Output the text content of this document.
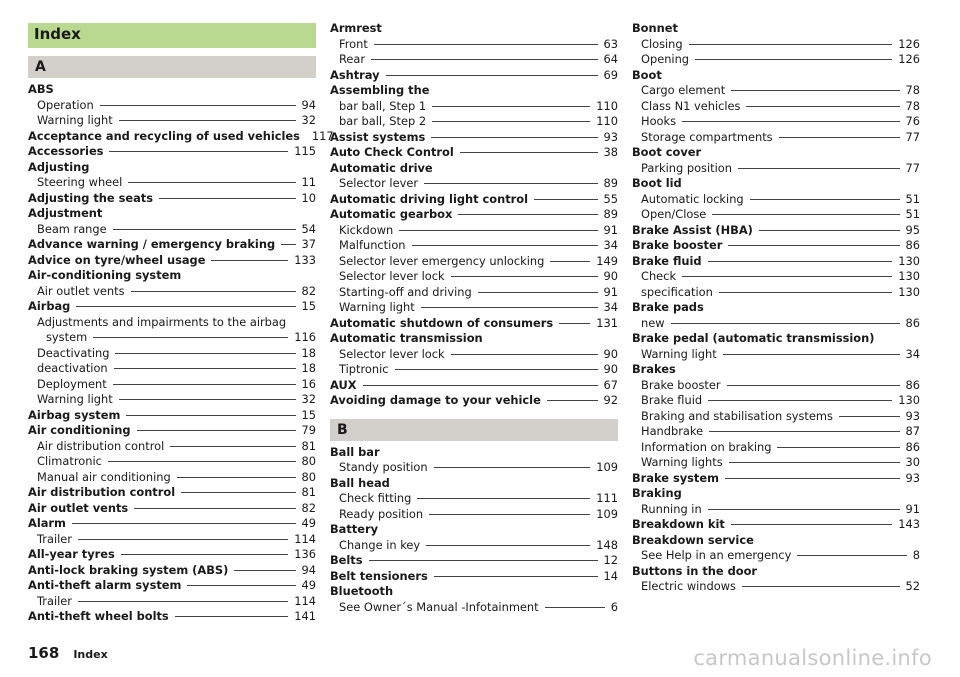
Index
A
ABS
Operation	94
Warning light	32
Acceptance and recycling of used vehicles 117
Accessories	115
Adjusting
Steering wheel	11
Adjusting the seats	10
Adjustment
Beam range	54
Advance warning / emergency braking 37
Advice on tyre/wheel usage	133
Air-conditioning system
Air outlet vents	82
Airbag	15
Adjustments and impairments to the airbag
system	116
Deactivating	18
deactivation	18
Deployment	16
Warning light	32
Airbag system	15
Air conditioning	79
Air distribution control	81
Climatronic	80
Manual air conditioning	80
Air distribution control	81
Air outlet vents	82
Alarm	49
Trailer	114
All-year tyres	136
Anti-lock braking system (ABS)	94
Anti-theft alarm system	49
Trailer	114
Anti-theft wheel bolts	141
Armrest
Front	63
Rear	64
Ashtray	69
Assembling the
bar ball, Step 1	110
bar ball, Step 2	110
Assist systems	93
Auto Check Control	38
Automatic drive
Selector lever	89
Automatic driving light control	55
Automatic gearbox	89
Kickdown	91
Malfunction	34
Selector lever emergency unlocking	149
Selector lever lock	90
Starting-off and driving	91
Warning light	34
Automatic shutdown of consumers	131
Automatic transmission
Selector lever lock	90
Tiptronic	90
AUX	67
Avoiding damage to your vehicle	92
B
Ball bar
Standy position	109
Ball head
Check fitting	111
Ready position	109
Battery
Change in key	148
Belts	12
Belt tensioners	14
Bluetooth
See Owner´s Manual -Infotainment	6
Bonnet
Closing	126
Opening	126
Boot
Cargo element	78
Class N1 vehicles	78
Hooks	76
Storage compartments	77
Boot cover
Parking position	77
Boot lid
Automatic locking	51
Open/Close	51
Brake Assist (HBA)	95
Brake booster	86
Brake fluid	130
Check	130
specification	130
Brake pads
new	86
Brake pedal (automatic transmission)
Warning light	34
Brakes
Brake booster	86
Brake fluid	130
Braking and stabilisation systems	93
Handbrake	87
Information on braking	86
Warning lights	30
Brake system	93
Braking
Running in	91
Breakdown kit	143
Breakdown service
See Help in an emergency	8
Buttons in the door
Electric windows	52
168 Index	carmanualsonline.info
